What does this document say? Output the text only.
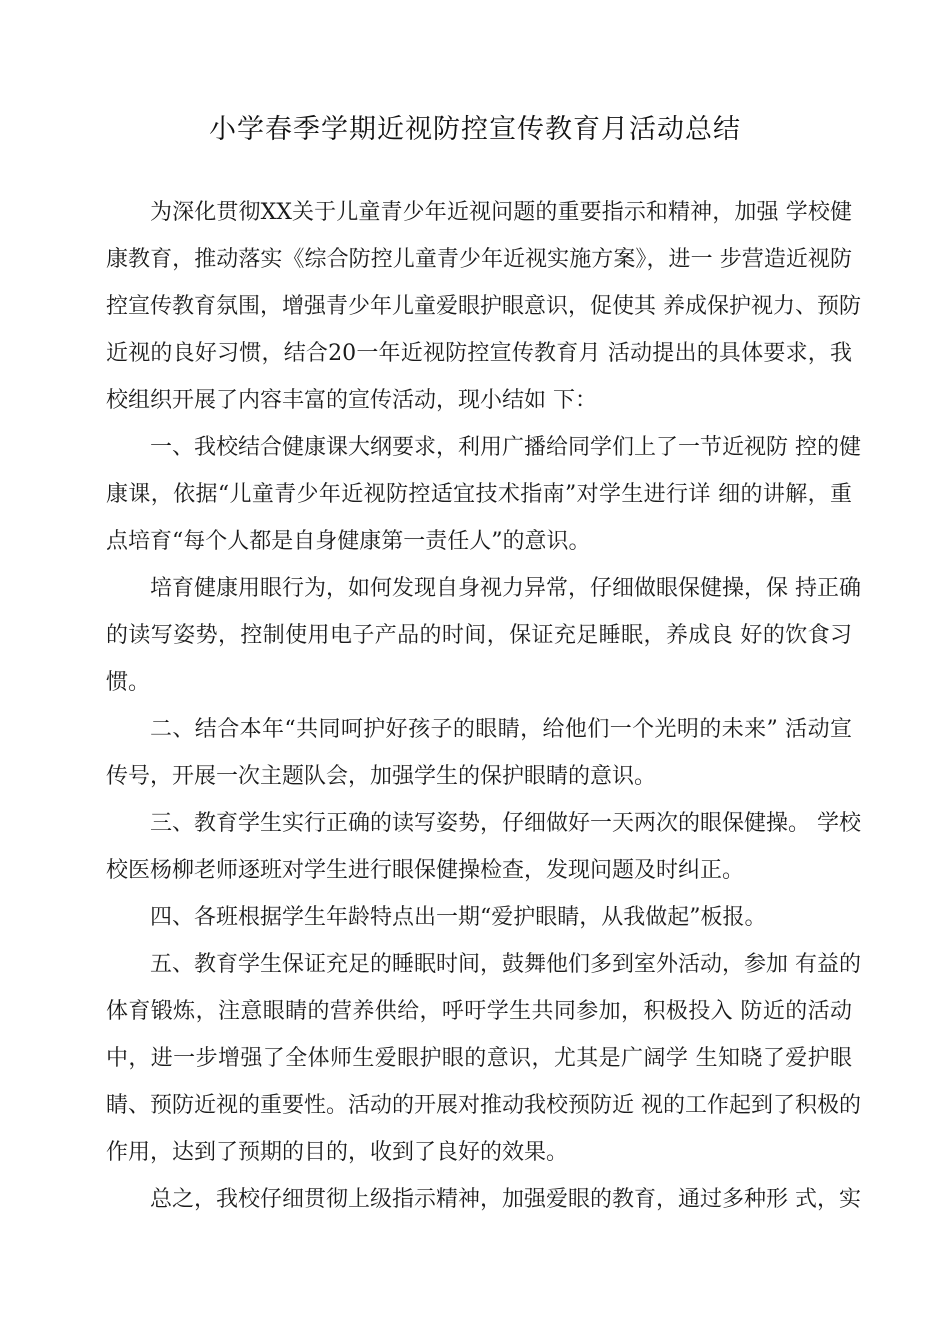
小学春季学期近视防控宣传教育月活动总结
为深化贯彻XX关于儿童青少年近视问题的重要指示和精神，加强 学校健
康教育，推动落实《综合防控儿童青少年近视实施方案》，进一 步营造近视防
控宣传教育氛围，增强青少年儿童爱眼护眼意识，促使其 养成保护视力、预防
近视的良好习惯，结合20一年近视防控宣传教育月 活动提出的具体要求，我
校组织开展了内容丰富的宣传活动，现小结如 下：
一、我校结合健康课大纲要求，利用广播给同学们上了一节近视防 控的健
康课，依据“儿童青少年近视防控适宜技术指南”对学生进行详 细的讲解，重
点培育“每个人都是自身健康第一责任人”的意识。
培育健康用眼行为，如何发现自身视力异常，仔细做眼保健操，保 持正确
的读写姿势，控制使用电子产品的时间，保证充足睡眠，养成良 好的饮食习
惯。
二、结合本年“共同呵护好孩子的眼睛，给他们一个光明的未来” 活动宣
传号，开展一次主题队会，加强学生的保护眼睛的意识。
三、教育学生实行正确的读写姿势，仔细做好一天两次的眼保健操。 学校
校医杨柳老师逐班对学生进行眼保健操检查，发现问题及时纠正。
四、各班根据学生年龄特点出一期“爱护眼睛，从我做起”板报。
五、教育学生保证充足的睡眠时间，鼓舞他们多到室外活动，参加 有益的
体育锻炼，注意眼睛的营养供给，呼吁学生共同参加，积极投入 防近的活动
中，进一步增强了全体师生爱眼护眼的意识，尤其是广阔学 生知晓了爱护眼
睛、预防近视的重要性。活动的开展对推动我校预防近 视的工作起到了积极的
作用，达到了预期的目的，收到了良好的效果。
总之，我校仔细贯彻上级指示精神，加强爱眼的教育，通过多种形 式，实
